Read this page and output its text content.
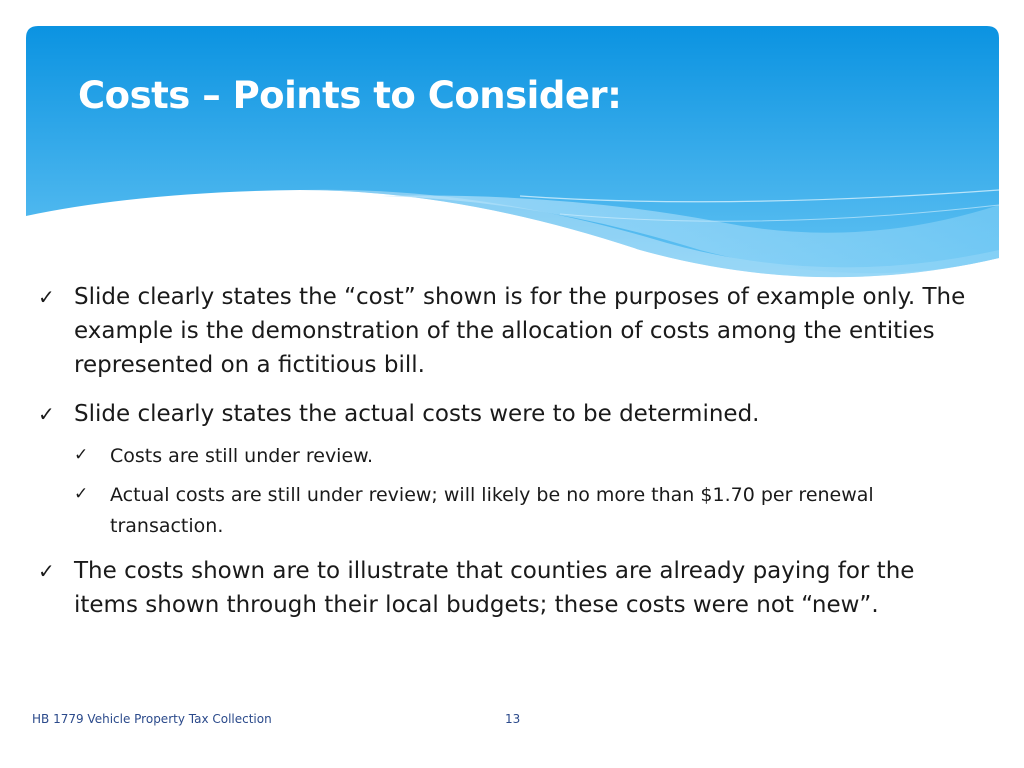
Costs – Points to Consider:
✓ Slide clearly states the “cost” shown is for the purposes of example only. The example is the demonstration of the allocation of costs among the entities represented on a fictitious bill.
✓ Slide clearly states the actual costs were to be determined.
✓ Costs are still under review.
✓ Actual costs are still under review; will likely be no more than $1.70 per renewal transaction.
✓ The costs shown are to illustrate that counties are already paying for the items shown through their local budgets; these costs were not “new”.
HB 1779 Vehicle Property Tax Collection	13
